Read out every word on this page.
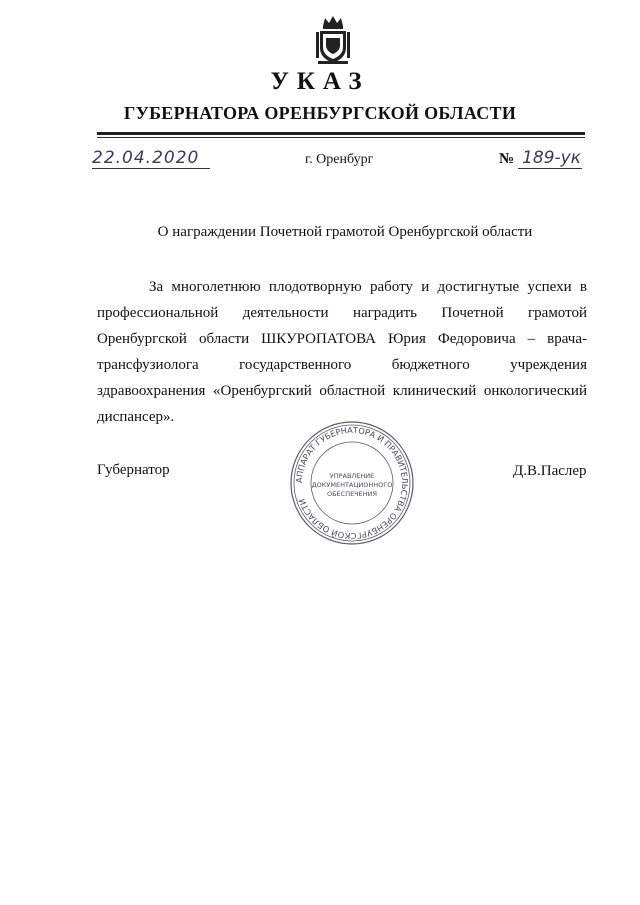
УКАЗ
ГУБЕРНАТОРА ОРЕНБУРГСКОЙ ОБЛАСТИ
22.04.2020	г. Оренбург	№ 189-ук
О награждении Почетной грамотой Оренбургской области
За многолетнюю плодотворную работу и достигнутые успехи в профессиональной деятельности наградить Почетной грамотой Оренбургской области ШКУРОПАТОВА Юрия Федоровича – врача-трансфузиолога государственного бюджетного учреждения здравоохранения «Оренбургский областной клинический онкологический диспансер».
Губернатор	Д.В.Паслер
АППАРАТ ГУБЕРНАТОРА И ПРАВИТЕЛЬСТВА ОРЕНБУРГСКОЙ ОБЛАСТИ
УПРАВЛЕНИЕ
ДОКУМЕНТАЦИОННОГО
ОБЕСПЕЧЕНИЯ
